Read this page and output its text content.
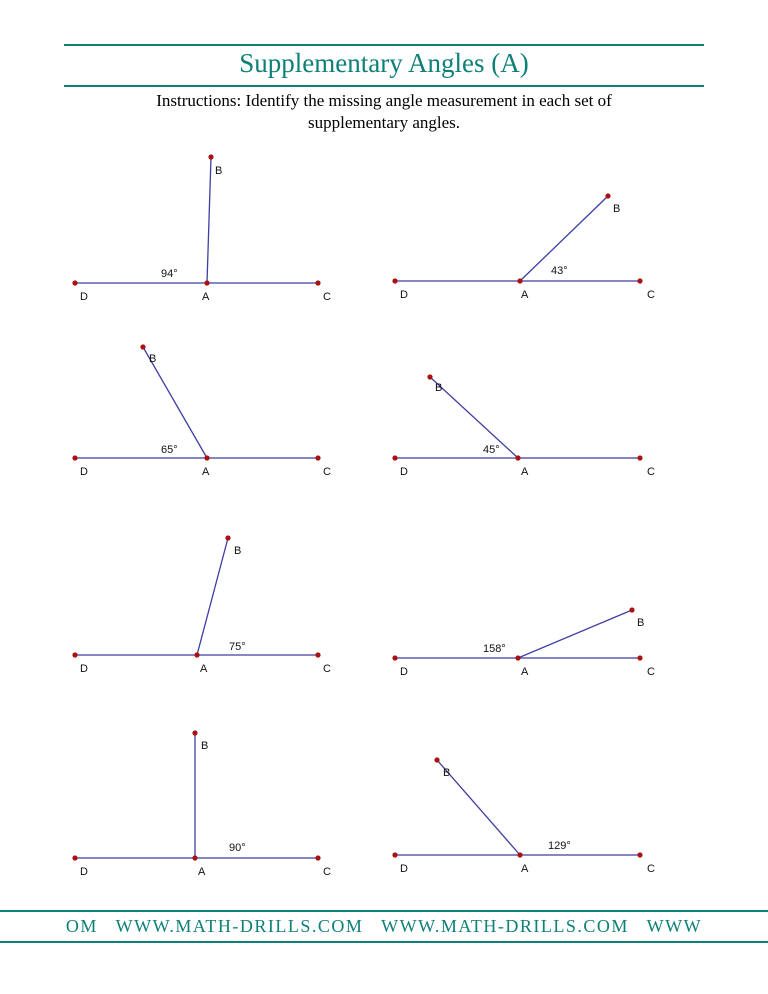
Supplementary Angles (A)

Instructions: Identify the missing angle measurement in each set of
supplementary angles.

D	A	C
B
94°
D	A	C
B
43°
D	A	C
B
65°
D	A	C
B
45°
D	A	C
B
75°
D	A	C
B
158°
D	A	C
B
90°
D	A	C
B
129°
OM   WWW.MATH-DRILLS.COM   WWW.MATH-DRILLS.COM   WWW
